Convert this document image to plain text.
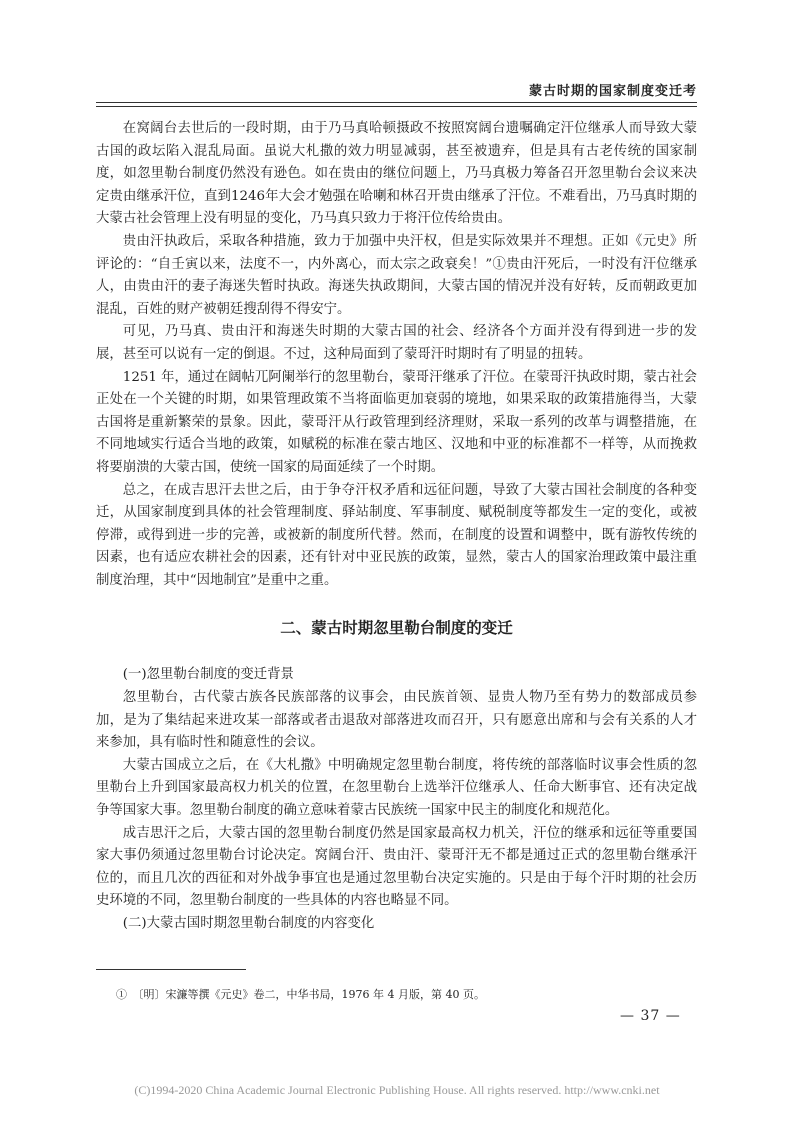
蒙古时期的国家制度变迁考

在窝阔台去世后的一段时期，由于乃马真哈顿摄政不按照窝阔台遗嘱确定汗位继承人而导致大蒙古国的政坛陷入混乱局面。虽说大札撒的效力明显减弱，甚至被遗弃，但是具有古老传统的国家制度，如忽里勒台制度仍然没有逊色。如在贵由的继位问题上，乃马真极力筹备召开忽里勒台会议来决定贵由继承汗位，直到1246年大会才勉强在哈喇和林召开贵由继承了汗位。不难看出，乃马真时期的大蒙古社会管理上没有明显的变化，乃马真只致力于将汗位传给贵由。

贵由汗执政后，采取各种措施，致力于加强中央汗权，但是实际效果并不理想。正如《元史》所评论的：“自壬寅以来，法度不一，内外离心，而太宗之政衰矣！”①贵由汗死后，一时没有汗位继承人，由贵由汗的妻子海迷失暂时执政。海迷失执政期间，大蒙古国的情况并没有好转，反而朝政更加混乱，百姓的财产被朝廷搜刮得不得安宁。

可见，乃马真、贵由汗和海迷失时期的大蒙古国的社会、经济各个方面并没有得到进一步的发展，甚至可以说有一定的倒退。不过，这种局面到了蒙哥汗时期时有了明显的扭转。

1251 年，通过在阔帖兀阿阑举行的忽里勒台，蒙哥汗继承了汗位。在蒙哥汗执政时期，蒙古社会正处在一个关键的时期，如果管理政策不当将面临更加衰弱的境地，如果采取的政策措施得当，大蒙古国将是重新繁荣的景象。因此，蒙哥汗从行政管理到经济理财，采取一系列的改革与调整措施，在不同地域实行适合当地的政策，如赋税的标准在蒙古地区、汉地和中亚的标准都不一样等，从而挽救将要崩溃的大蒙古国，使统一国家的局面延续了一个时期。

总之，在成吉思汗去世之后，由于争夺汗权矛盾和远征问题，导致了大蒙古国社会制度的各种变迁，从国家制度到具体的社会管理制度、驿站制度、军事制度、赋税制度等都发生一定的变化，或被停滞，或得到进一步的完善，或被新的制度所代替。然而，在制度的设置和调整中，既有游牧传统的因素，也有适应农耕社会的因素，还有针对中亚民族的政策，显然，蒙古人的国家治理政策中最注重制度治理，其中“因地制宜”是重中之重。

二、蒙古时期忽里勒台制度的变迁

(一)忽里勒台制度的变迁背景

忽里勒台，古代蒙古族各民族部落的议事会，由民族首领、显贵人物乃至有势力的数部成员参加，是为了集结起来进攻某一部落或者击退敌对部落进攻而召开，只有愿意出席和与会有关系的人才来参加，具有临时性和随意性的会议。

大蒙古国成立之后，在《大札撒》中明确规定忽里勒台制度，将传统的部落临时议事会性质的忽里勒台上升到国家最高权力机关的位置，在忽里勒台上选举汗位继承人、任命大断事官、还有决定战争等国家大事。忽里勒台制度的确立意味着蒙古民族统一国家中民主的制度化和规范化。

成吉思汗之后，大蒙古国的忽里勒台制度仍然是国家最高权力机关，汗位的继承和远征等重要国家大事仍须通过忽里勒台讨论决定。窝阔台汗、贵由汗、蒙哥汗无不都是通过正式的忽里勒台继承汗位的，而且几次的西征和对外战争事宜也是通过忽里勒台决定实施的。只是由于每个汗时期的社会历史环境的不同，忽里勒台制度的一些具体的内容也略显不同。

(二)大蒙古国时期忽里勒台制度的内容变化

①　〔明〕宋濂等撰《元史》卷二，中华书局，1976 年 4 月版，第 40 页。
— 37 —
(C)1994-2020 China Academic Journal Electronic Publishing House. All rights reserved. http://www.cnki.net
